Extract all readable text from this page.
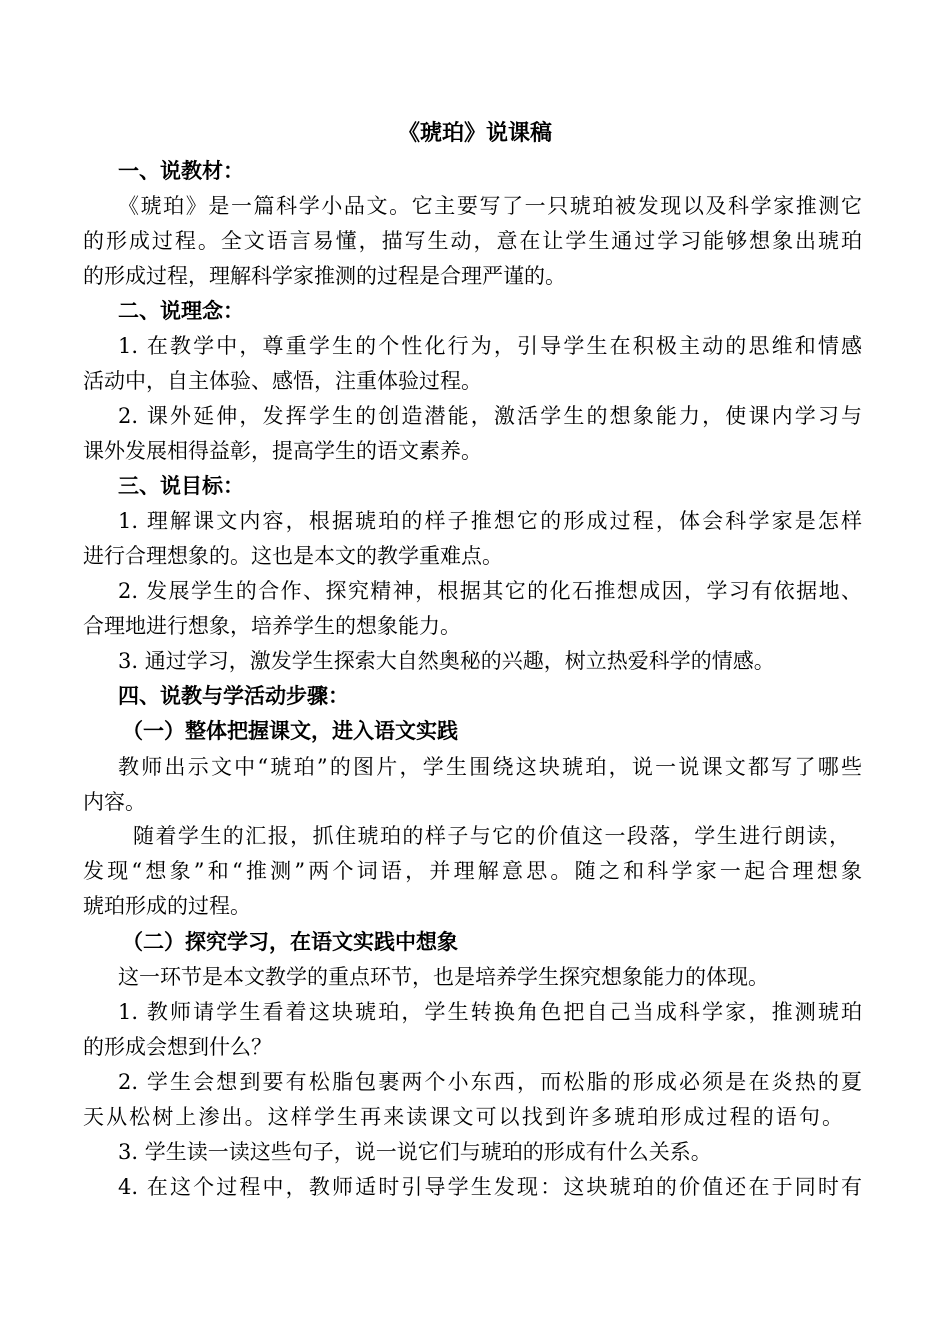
《琥珀》说课稿
一、说教材：
《琥珀》是一篇科学小品文。它主要写了一只琥珀被发现以及科学家推测它
的形成过程。全文语言易懂，描写生动，意在让学生通过学习能够想象出琥珀
的形成过程，理解科学家推测的过程是合理严谨的。
二、说理念：
1. 在教学中，尊重学生的个性化行为，引导学生在积极主动的思维和情感
活动中，自主体验、感悟，注重体验过程。
2. 课外延伸，发挥学生的创造潜能，激活学生的想象能力，使课内学习与
课外发展相得益彰，提高学生的语文素养。
三、说目标：
1. 理解课文内容，根据琥珀的样子推想它的形成过程，体会科学家是怎样
进行合理想象的。这也是本文的教学重难点。
2. 发展学生的合作、探究精神，根据其它的化石推想成因，学习有依据地、
合理地进行想象，培养学生的想象能力。
3. 通过学习，激发学生探索大自然奥秘的兴趣，树立热爱科学的情感。
四、说教与学活动步骤：
（一）整体把握课文，进入语文实践
教师出示文中“琥珀”的图片，学生围绕这块琥珀，说一说课文都写了哪些
内容。
随着学生的汇报，抓住琥珀的样子与它的价值这一段落，学生进行朗读，
发现“想象”和“推测”两个词语，并理解意思。随之和科学家一起合理想象
琥珀形成的过程。
（二）探究学习，在语文实践中想象
这一环节是本文教学的重点环节，也是培养学生探究想象能力的体现。
1. 教师请学生看着这块琥珀，学生转换角色把自己当成科学家，推测琥珀
的形成会想到什么？
2. 学生会想到要有松脂包裹两个小东西，而松脂的形成必须是在炎热的夏
天从松树上渗出。这样学生再来读课文可以找到许多琥珀形成过程的语句。
3. 学生读一读这些句子，说一说它们与琥珀的形成有什么关系。
4. 在这个过程中，教师适时引导学生发现：这块琥珀的价值还在于同时有
